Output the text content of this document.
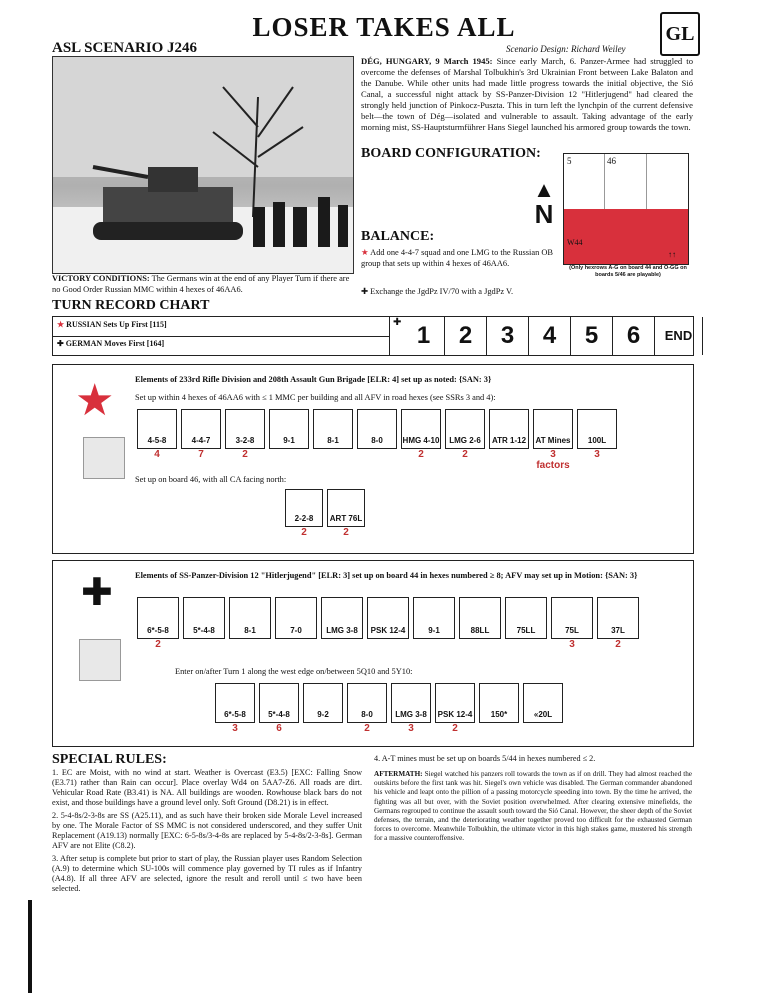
LOSER TAKES ALL
ASL SCENARIO J246
GL
Scenario Design: Richard Weiley
DÉG, HUNGARY, 9 March 1945: Since early March, 6. Panzer-Armee had struggled to overcome the defenses of Marshal Tolbukhin's 3rd Ukrainian Front between Lake Balaton and the Danube. While other units had made little progress towards the initial objective, the Sió Canal, a successful night attack by SS-Panzer-Division 12 "Hitlerjugend" had cleared the strongly held junction of Pinkocz-Puszta. This in turn left the lynchpin of the current defensive belt—the town of Dég—isolated and vulnerable to assault. Taking advantage of the early morning mist, SS-Hauptsturmführer Hans Siegel launched his armored group towards the town.
BOARD CONFIGURATION:
▲
N
5	46
W44
↑↑
(Only hexrows A-G on board 44 and O-GG on boards 5/46 are playable)
BALANCE:
★ Add one 4-4-7 squad and one LMG to the Russian OB group that sets up within 4 hexes of 46AA6.
✚ Exchange the JgdPz IV/70 with a JgdPz V.
VICTORY CONDITIONS: The Germans win at the end of any Player Turn if there are no Good Order Russian MMC within 4 hexes of 46AA6.
TURN RECORD CHART
★ RUSSIAN Sets Up First [115]
✚ GERMAN Moves First [164]
✚ 1	2	3	4	5	6	END
★ Elements of 233rd Rifle Division and 208th Assault Gun Brigade [ELR: 4] set up as noted: {SAN: 3}
Set up within 4 hexes of 46AA6 with ≤ 1 MMC per building and all AFV in road hexes (see SSRs 3 and 4):
4-5-8
4
4-4-7
7
3-2-8
2
9-1	8-1	8-0 HMG 4-10
2
LMG 2-6
2
ATR 1-12 AT Mines
3 factors
100L
3
Set up on board 46, with all CA facing north:
2-2-8
2
ART 76L
2
✚	Elements of SS-Panzer-Division 12 "Hitlerjugend" [ELR: 3] set up on board 44 in hexes numbered ≥ 8; AFV may set up in Motion: {SAN: 3}
6*-5-8
2
5*-4-8	8-1	7-0	LMG 3-8 PSK 12-4	9-1	88LL	75LL	75L
3
37L
2
Enter on/after Turn 1 along the west edge on/between 5Q10 and 5Y10:
6*-5-8
3
5*-4-8
6
9-2	8-0
2
LMG 3-8
3
PSK 12-4
2
150*	«20L
SPECIAL RULES:

1. EC are Moist, with no wind at start. Weather is Overcast (E3.5) [EXC: Falling Snow (E3.71) rather than Rain can occur]. Place overlay Wd4 on 5AA7-Z6. All roads are dirt. Vehicular Road Rate (B3.41) is NA. All buildings are wooden. Rowhouse black bars do not exist, and those buildings have a ground level only. Soft Ground (D8.21) is in effect.

2. 5-4-8s/2-3-8s are SS (A25.11), and as such have their broken side Morale Level increased by one. The Morale Factor of SS MMC is not considered underscored, and they suffer Unit Replacement (A19.13) normally [EXC: 6-5-8s/3-4-8s are replaced by 5-4-8s/2-3-8s]. German AFV are not Elite (C8.2).

3. After setup is complete but prior to start of play, the Russian player uses Random Selection (A.9) to determine which SU-100s will commence play governed by TI rules as if Infantry (A4.8). If all three AFV are selected, ignore the result and reroll until ≤ two have been selected.

4. A-T mines must be set up on boards 5/44 in hexes numbered ≤ 2.

AFTERMATH: Siegel watched his panzers roll towards the town as if on drill. They had almost reached the outskirts before the first tank was hit. Siegel's own vehicle was disabled. The German commander abandoned his vehicle and leapt onto the pillion of a passing motorcycle speeding into town. By the time he arrived, the fighting was all but over, with the Soviet position overwhelmed. After clearing extensive minefields, the Germans regrouped to continue the assault south toward the Sió Canal. However, the sheer depth of the Soviet defenses, the terrain, and the deteriorating weather together proved too difficult for the exhausted German forces to overcome. Meanwhile Tolbukhin, the ultimate victor in this high stakes game, mustered his strength for a massive counteroffensive.
